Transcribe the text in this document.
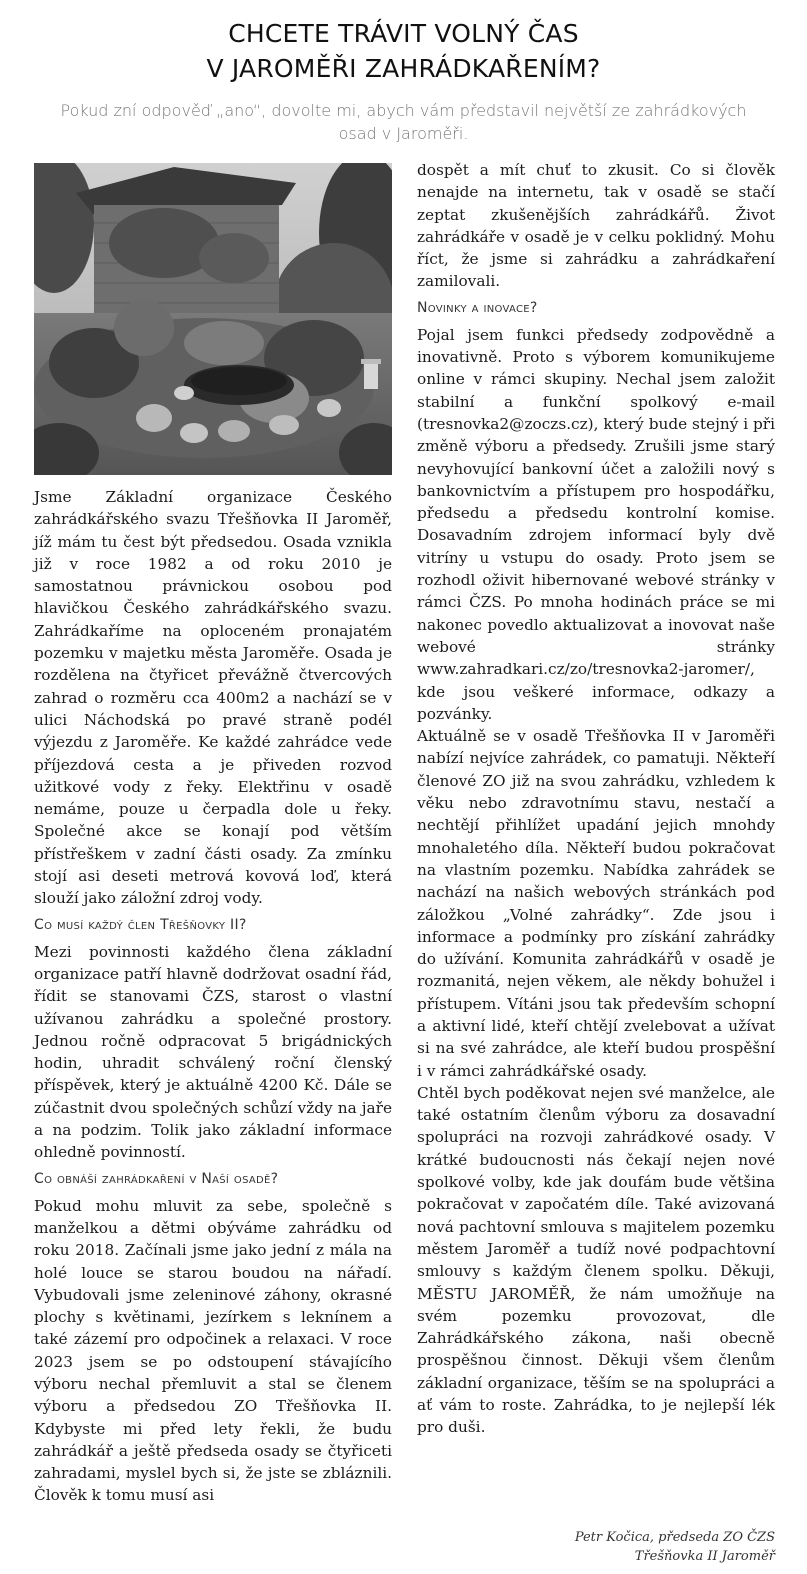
CHCETE TRÁVIT VOLNÝ ČAS
V JAROMĚŘI ZAHRÁDKAŘENÍM?

Pokud zní odpověď „ano“, dovolte mi, abych vám představil největší ze zahrádkových osad v Jaroměři.

Jsme Základní organizace Českého zahrádkářského svazu Třešňovka II Jaroměř, jíž mám tu čest být předsedou. Osada vznikla již v roce 1982 a od roku 2010 je samostatnou právnickou osobou pod hlavičkou Českého zahrádkářského svazu. Zahrádkaříme na oploceném pronajatém pozemku v majetku města Jaroměře. Osada je rozdělena na čtyřicet převážně čtvercových zahrad o rozměru cca 400m2 a nachází se v ulici Náchodská po pravé straně podél výjezdu z Jaroměře. Ke každé zahrádce vede příjezdová cesta a je přiveden rozvod užitkové vody z řeky. Elektřinu v osadě nemáme, pouze u čerpadla dole u řeky. Společné akce se konají pod větším přístřeškem v zadní části osady. Za zmínku stojí asi deseti metrová kovová loď, která slouží jako záložní zdroj vody.

Co musí každý člen Třešňovky II?

Mezi povinnosti každého člena základní organizace patří hlavně dodržovat osadní řád, řídit se stanovami ČZS, starost o vlastní užívanou zahrádku a společné prostory. Jednou ročně odpracovat 5 brigádnických hodin, uhradit schválený roční členský příspěvek, který je aktuálně 4200 Kč. Dále se zúčastnit dvou společných schůzí vždy na jaře a na podzim. Tolik jako základní informace ohledně povinností.

Co obnáší zahrádkaření v Naší osadě?

Pokud mohu mluvit za sebe, společně s manželkou a dětmi obýváme zahrádku od roku 2018. Začínali jsme jako jední z mála na holé louce se starou boudou na nářadí. Vybudovali jsme zeleninové záhony, okrasné plochy s květinami, jezírkem s leknínem a také zázemí pro odpočinek a relaxaci. V roce 2023 jsem se po odstoupení stávajícího výboru nechal přemluvit a stal se členem výboru a předsedou ZO Třešňovka II. Kdybyste mi před lety řekli, že budu zahrádkář a ještě předseda osady se čtyřiceti zahradami, myslel bych si, že jste se zbláznili. Člověk k tomu musí asi

dospět a mít chuť to zkusit. Co si člověk nenajde na internetu, tak v osadě se stačí zeptat zkušenějších zahrádkářů. Život zahrádkáře v osadě je v celku poklidný. Mohu říct, že jsme si zahrádku a zahrádkaření zamilovali.

Novinky a inovace?

Pojal jsem funkci předsedy zodpovědně a inovativně. Proto s výborem komunikujeme online v rámci skupiny. Nechal jsem založit stabilní a funkční spolkový e-mail (tresnovka2@zoczs.cz), který bude stejný i při změně výboru a předsedy. Zrušili jsme starý nevyhovující bankovní účet a založili nový s bankovnictvím a přístupem pro hospodářku, předsedu a předsedu kontrolní komise. Dosavadním zdrojem informací byly dvě vitríny u vstupu do osady. Proto jsem se rozhodl oživit hibernované webové stránky v rámci ČZS. Po mnoha hodinách práce se mi nakonec povedlo aktualizovat a inovovat naše webové stránky www.zahradkari.cz/zo/tresnovka2-jaromer/, kde jsou veškeré informace, odkazy a pozvánky.

Aktuálně se v osadě Třešňovka II v Jaroměři nabízí nejvíce zahrádek, co pamatuji. Někteří členové ZO již na svou zahrádku, vzhledem k věku nebo zdravotnímu stavu, nestačí a nechtějí přihlížet upadání jejich mnohdy mnohaletého díla. Někteří budou pokračovat na vlastním pozemku. Nabídka zahrádek se nachází na našich webových stránkách pod záložkou „Volné zahrádky“. Zde jsou i informace a podmínky pro získání zahrádky do užívání. Komunita zahrádkářů v osadě je rozmanitá, nejen věkem, ale někdy bohužel i přístupem. Vítáni jsou tak především schopní a aktivní lidé, kteří chtějí zvelebovat a užívat si na své zahrádce, ale kteří budou prospěšní i v rámci zahrádkářské osady.

Chtěl bych poděkovat nejen své manželce, ale také ostatním členům výboru za dosavadní spolupráci na rozvoji zahrádkové osady. V krátké budoucnosti nás čekají nejen nové spolkové volby, kde jak doufám bude většina pokračovat v započatém díle. Také avizovaná nová pachtovní smlouva s majitelem pozemku městem Jaroměř a tudíž nové podpachtovní smlouvy s každým členem spolku. Děkuji, MĚSTU JAROMĚŘ, že nám umožňuje na svém pozemku provozovat, dle Zahrádkářského zákona, naši obecně prospěšnou činnost. Děkuji všem členům základní organizace, těším se na spolupráci a ať vám to roste. Zahrádka, to je nejlepší lék pro duši.

Petr Kočica, předseda ZO ČZS
Třešňovka II Jaroměř
